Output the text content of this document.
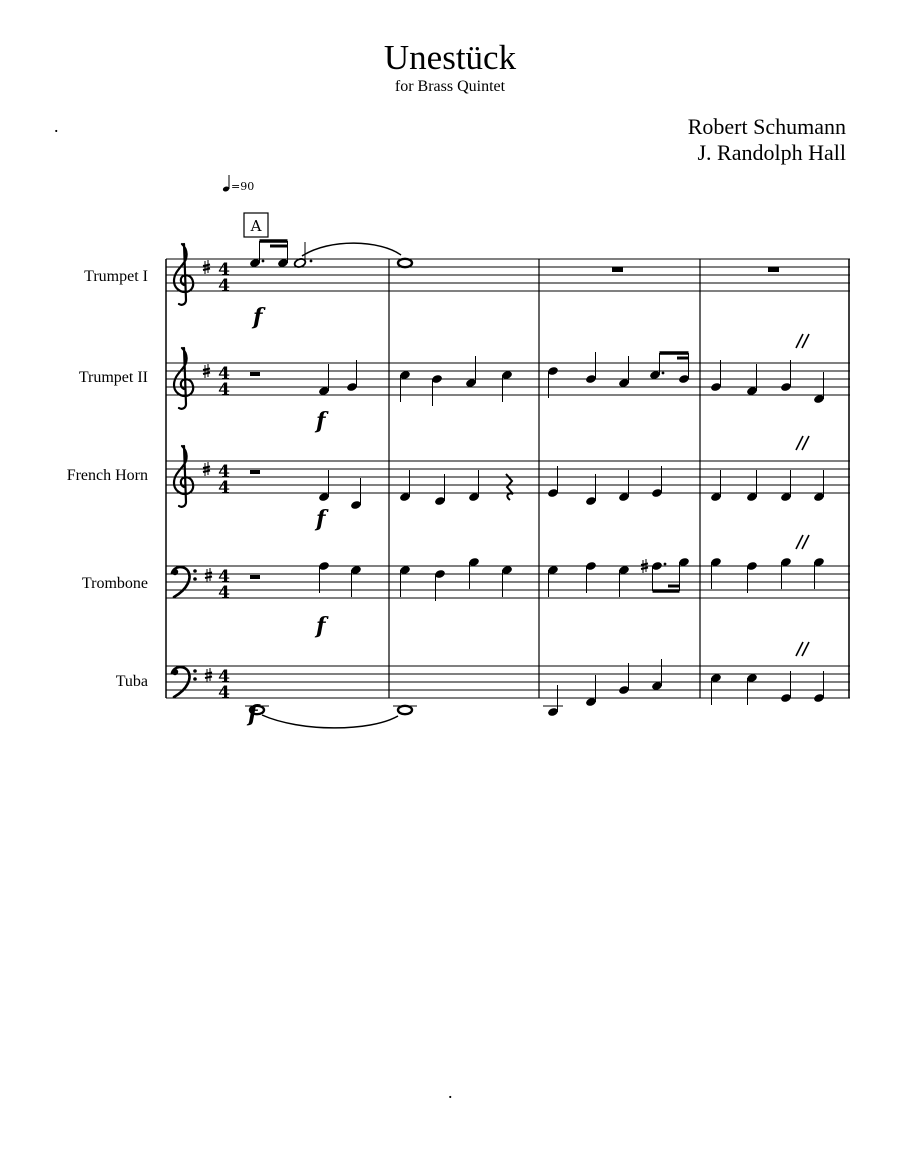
Unestück
for Brass Quintet
Robert Schumann
J. Randolph Hall
.
.
Trumpet I
Trumpet II
French Horn
Trombone
Tuba
=90
A
4
4
f
4
4
f
4
4
f
4
4
f
4
4
f
